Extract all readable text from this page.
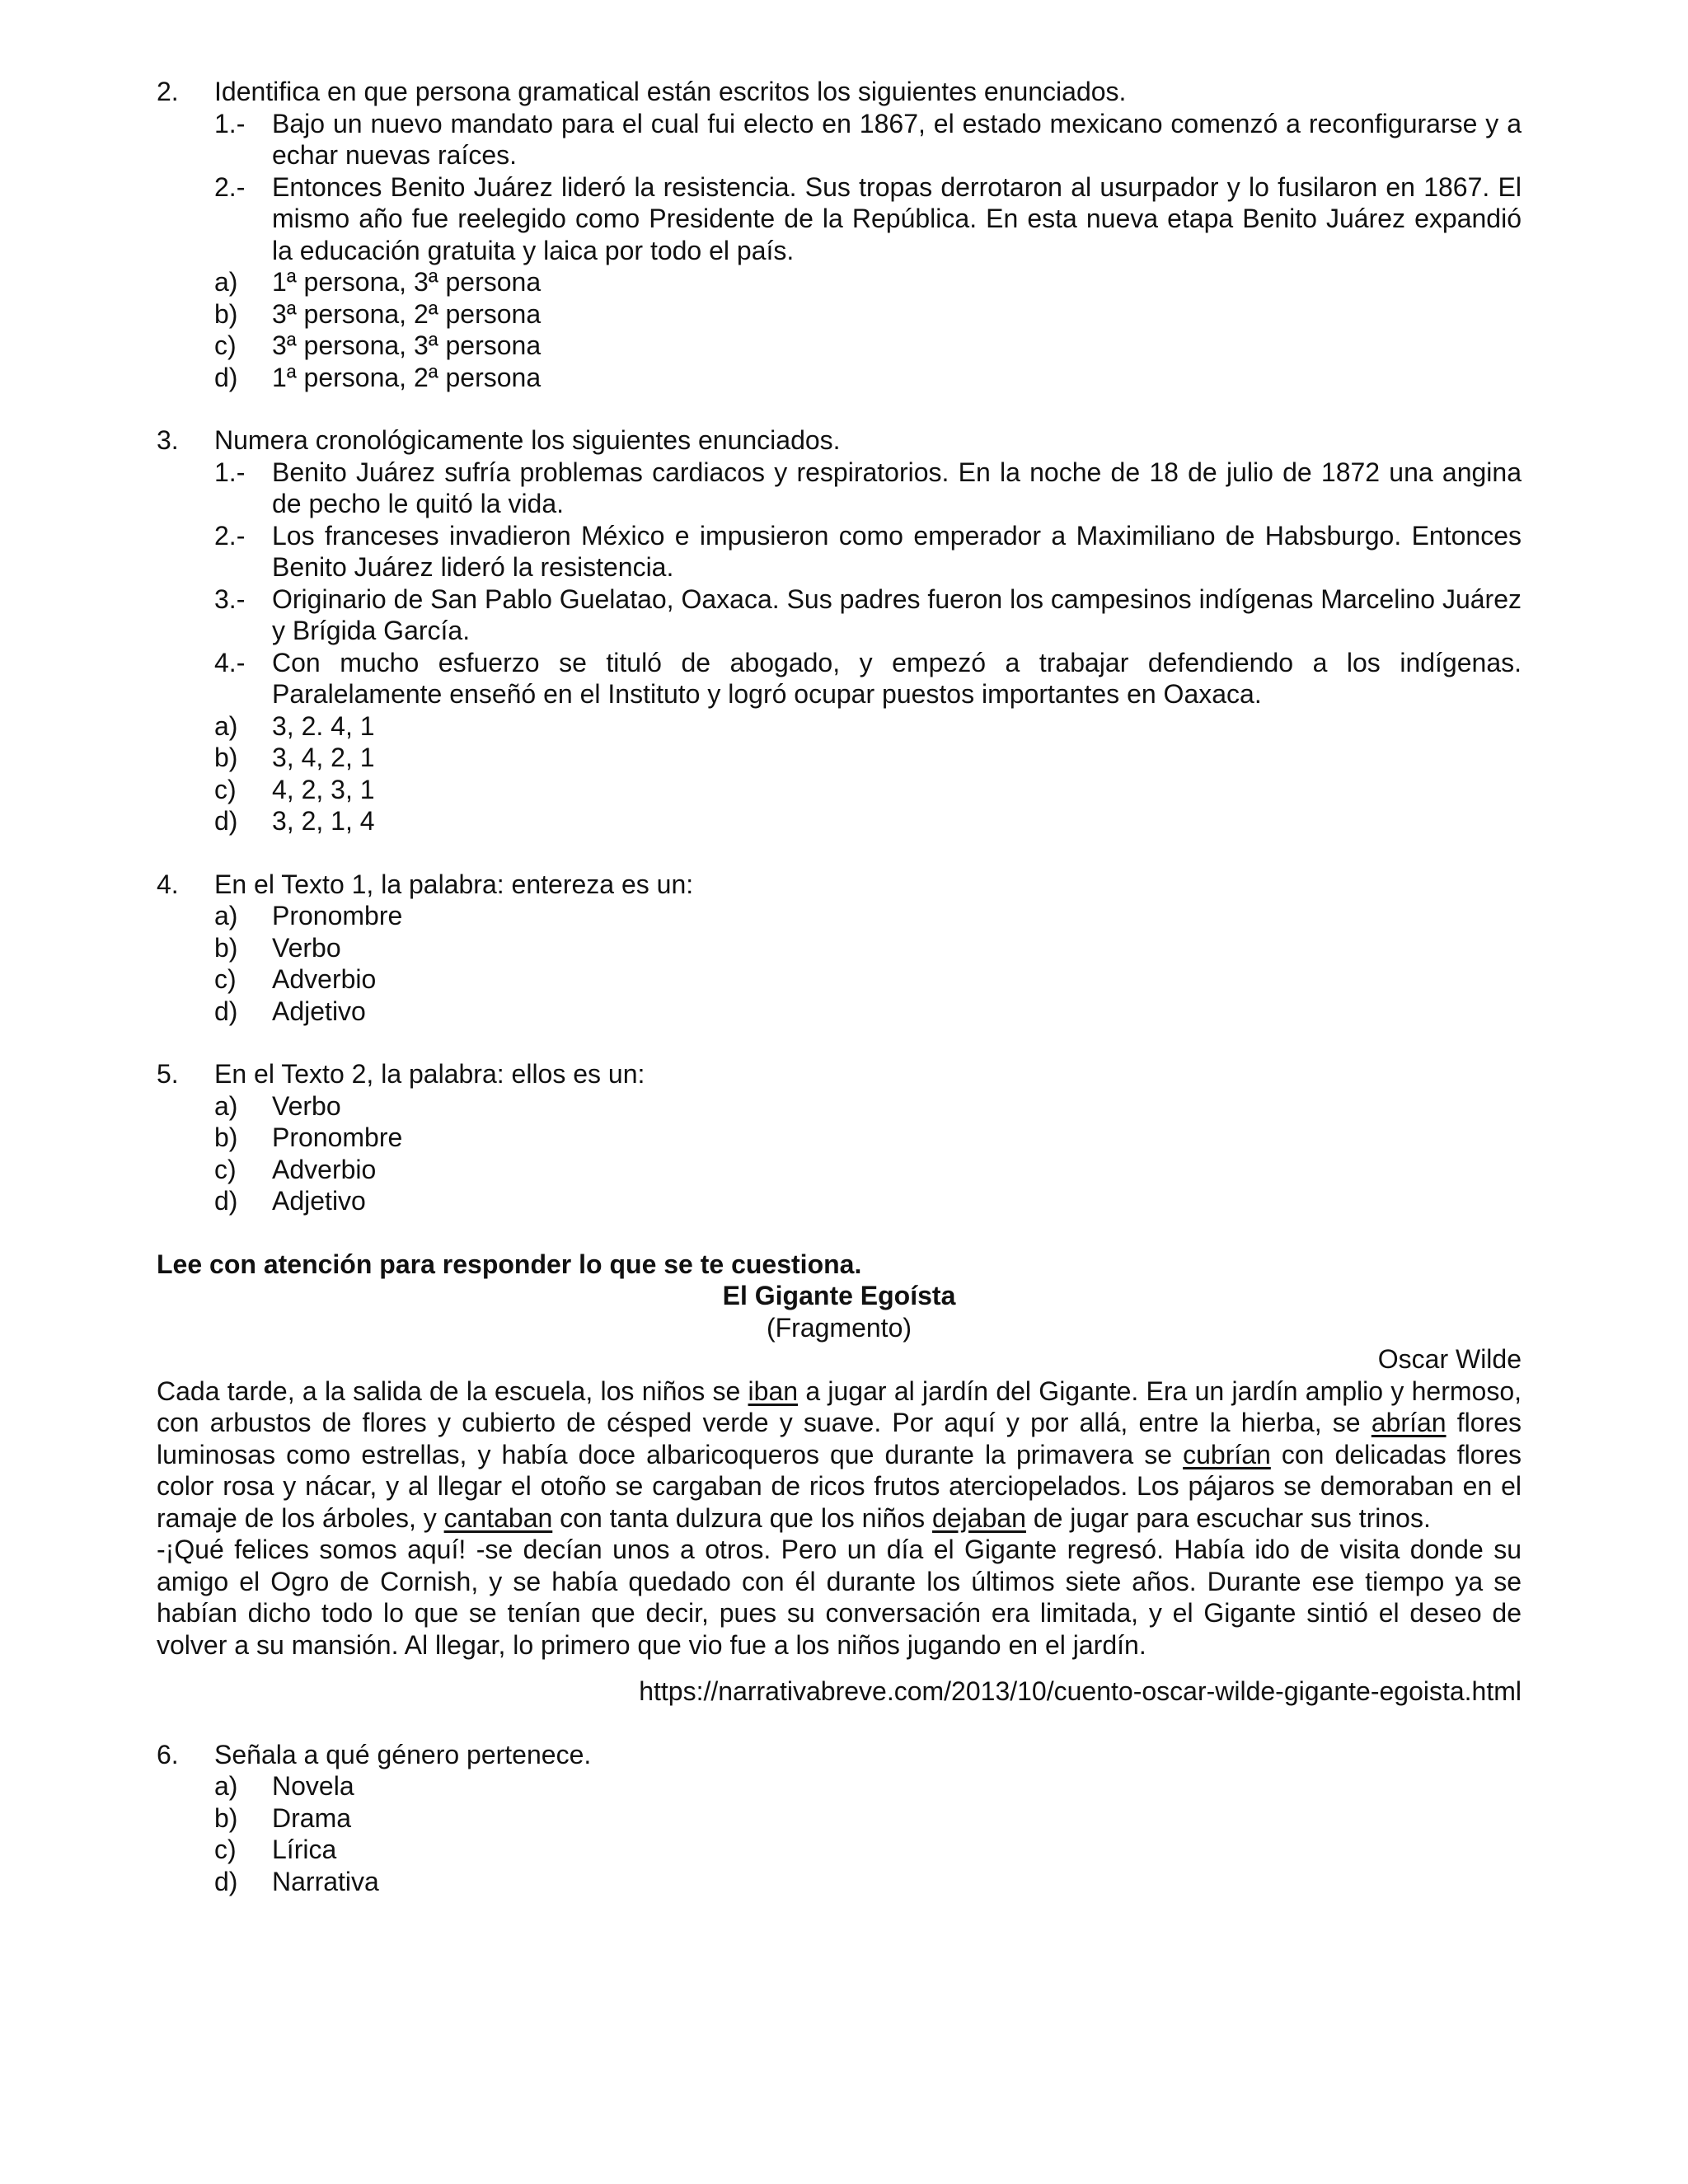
2.	Identifica en que persona gramatical están escritos los siguientes enunciados.
1.-	Bajo un nuevo mandato para el cual fui electo en 1867, el estado mexicano comenzó a reconfigurarse y a echar nuevas raíces.
2.-	Entonces Benito Juárez lideró la resistencia. Sus tropas derrotaron al usurpador y lo fusilaron en 1867. El mismo año fue reelegido como Presidente de la República. En esta nueva etapa Benito Juárez expandió la educación gratuita y laica por todo el país.
a)	1ª persona, 3ª persona
b)	3ª persona, 2ª persona
c)	3ª persona, 3ª persona
d)	1ª persona, 2ª persona
3.	Numera cronológicamente los siguientes enunciados.
1.-	Benito Juárez sufría problemas cardiacos y respiratorios. En la noche de 18 de julio de 1872 una angina de pecho le quitó la vida.
2.-	Los franceses invadieron México e impusieron como emperador a Maximiliano de Habsburgo. Entonces Benito Juárez lideró la resistencia.
3.-	Originario de San Pablo Guelatao, Oaxaca. Sus padres fueron los campesinos indígenas Marcelino Juárez y Brígida García.
4.-	Con mucho esfuerzo se tituló de abogado, y empezó a trabajar defendiendo a los indígenas. Paralelamente enseñó en el Instituto y logró ocupar puestos importantes en Oaxaca.
a)	3, 2. 4, 1
b)	3, 4, 2, 1
c)	4, 2, 3, 1
d)	3, 2, 1, 4
4.	En el Texto 1, la palabra: entereza es un:
a)	Pronombre
b)	Verbo
c)	Adverbio
d)	Adjetivo
5.	En el Texto 2, la palabra: ellos es un:
a)	Verbo
b)	Pronombre
c)	Adverbio
d)	Adjetivo
Lee con atención para responder lo que se te cuestiona.
El Gigante Egoísta
(Fragmento)
Oscar Wilde
Cada tarde, a la salida de la escuela, los niños se iban a jugar al jardín del Gigante. Era un jardín amplio y hermoso, con arbustos de flores y cubierto de césped verde y suave. Por aquí y por allá, entre la hierba, se abrían flores luminosas como estrellas, y había doce albaricoqueros que durante la primavera se cubrían con delicadas flores color rosa y nácar, y al llegar el otoño se cargaban de ricos frutos aterciopelados. Los pájaros se demoraban en el ramaje de los árboles, y cantaban con tanta dulzura que los niños dejaban de jugar para escuchar sus trinos.
-¡Qué felices somos aquí! -se decían unos a otros. Pero un día el Gigante regresó. Había ido de visita donde su amigo el Ogro de Cornish, y se había quedado con él durante los últimos siete años. Durante ese tiempo ya se habían dicho todo lo que se tenían que decir, pues su conversación era limitada, y el Gigante sintió el deseo de volver a su mansión. Al llegar, lo primero que vio fue a los niños jugando en el jardín.
https://narrativabreve.com/2013/10/cuento-oscar-wilde-gigante-egoista.html
6.	Señala a qué género pertenece.
a)	Novela
b)	Drama
c)	Lírica
d)	Narrativa
